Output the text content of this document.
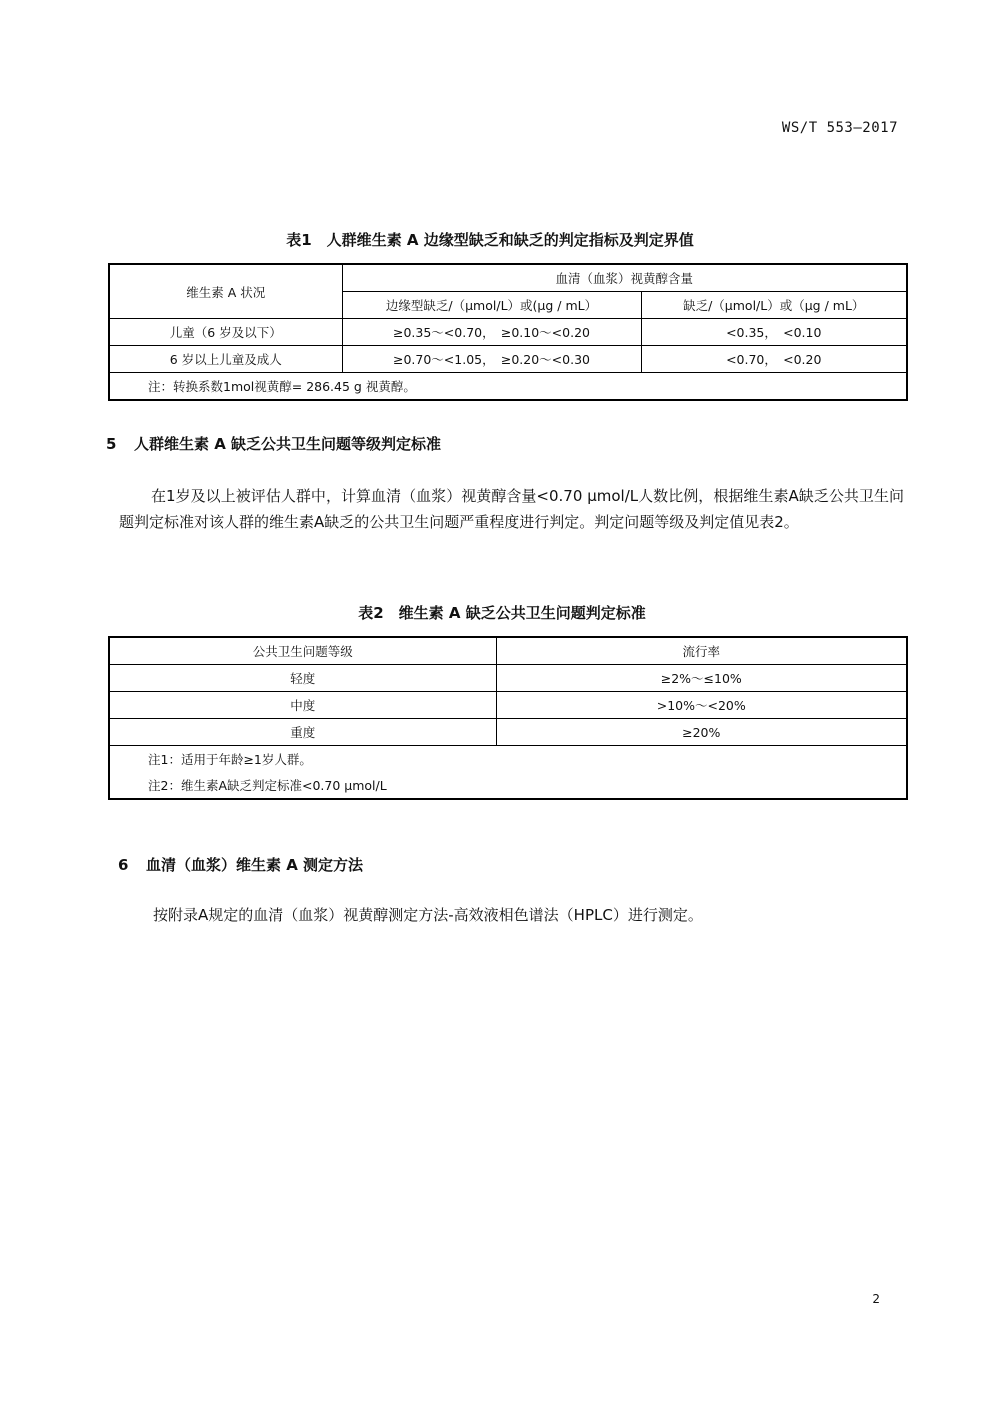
WS/T 553—2017
表1　人群维生素 A 边缘型缺乏和缺乏的判定指标及判定界值
维生素 A 状况	血清（血浆）视黄醇含量	
	边缘型缺乏/（μmol/L）或(μg / mL）	缺乏/（μmol/L）或（μg / mL）
儿童（6 岁及以下）	≥0.35～<0.70，　≥0.10～<0.20	<0.35，　<0.10
6 岁以上儿童及成人	≥0.70～<1.05，　≥0.20～<0.30	<0.70，　<0.20
注：转换系数1mol视黄醇= 286.45 g 视黄醇。		
5 人群维生素 A 缺乏公共卫生问题等级判定标准
在1岁及以上被评估人群中，计算血清（血浆）视黄醇含量<0.70 μmol/L人数比例，根据维生素A缺乏公共卫生问题判定标准对该人群的维生素A缺乏的公共卫生问题严重程度进行判定。判定问题等级及判定值见表2。
表2　维生素 A 缺乏公共卫生问题判定标准
公共卫生问题等级	流行率
轻度	≥2%～≤10%
中度	>10%～<20%
重度	≥20%
注1：适用于年龄≥1岁人群。	
注2：维生素A缺乏判定标准<0.70 μmol/L	
6 血清（血浆）维生素 A 测定方法
按附录A规定的血清（血浆）视黄醇测定方法-高效液相色谱法（HPLC）进行测定。
2
